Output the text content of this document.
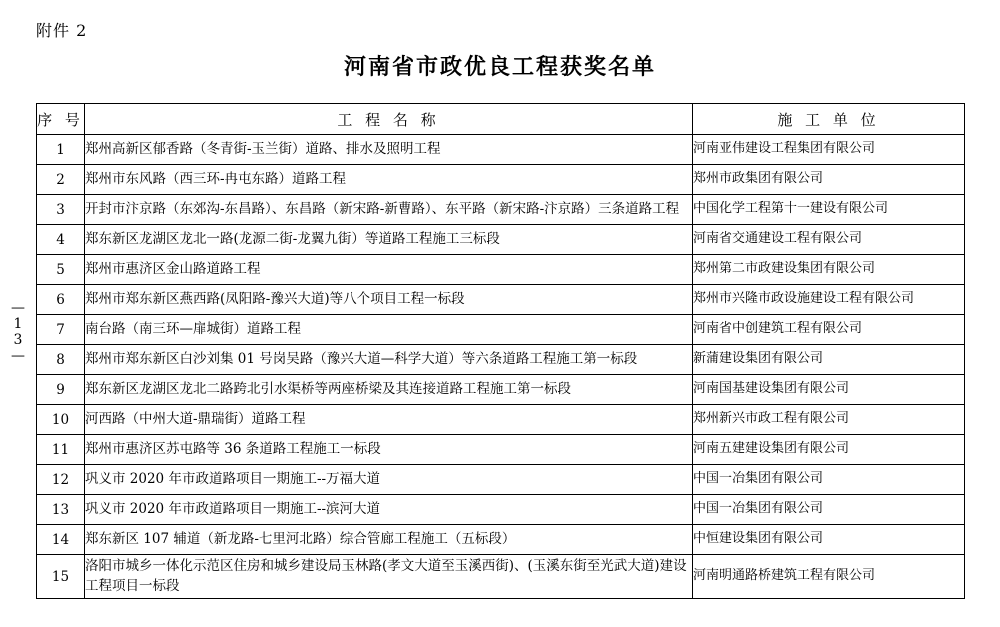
附件 2
河南省市政优良工程获奖名单
—
1
3
—
序 号	工 程 名 称	施 工 单 位
1	郑州高新区郁香路（冬青街-玉兰街）道路、排水及照明工程	河南亚伟建设工程集团有限公司
2	郑州市东风路（西三环-冉屯东路）道路工程	郑州市政集团有限公司
3	开封市汴京路（东郊沟-东昌路）、东昌路（新宋路-新曹路）、东平路（新宋路-汴京路）三条道路工程	中国化学工程第十一建设有限公司
4	郑东新区龙湖区龙北一路(龙源二街-龙翼九街）等道路工程施工三标段	河南省交通建设工程有限公司
5	郑州市惠济区金山路道路工程	郑州第二市政建设集团有限公司
6	郑州市郑东新区燕西路(凤阳路-豫兴大道)等八个项目工程一标段	郑州市兴隆市政设施建设工程有限公司
7	南台路（南三环—扉城街）道路工程	河南省中创建筑工程有限公司
8	郑州市郑东新区白沙刘集 01 号岗吴路（豫兴大道—科学大道）等六条道路工程施工第一标段	新蒲建设集团有限公司
9	郑东新区龙湖区龙北二路跨北引水渠桥等两座桥梁及其连接道路工程施工第一标段	河南国基建设集团有限公司
10	河西路（中州大道-鼎瑞街）道路工程	郑州新兴市政工程有限公司
11	郑州市惠济区苏屯路等 36 条道路工程施工一标段	河南五建建设集团有限公司
12	巩义市 2020 年市政道路项目一期施工--万福大道	中国一冶集团有限公司
13	巩义市 2020 年市政道路项目一期施工--滨河大道	中国一冶集团有限公司
14	郑东新区 107 辅道（新龙路-七里河北路）综合管廊工程施工（五标段）	中恒建设集团有限公司
15	洛阳市城乡一体化示范区住房和城乡建设局玉林路(孝文大道至玉溪西街)、(玉溪东街至光武大道)建设工程项目一标段	河南明通路桥建筑工程有限公司
